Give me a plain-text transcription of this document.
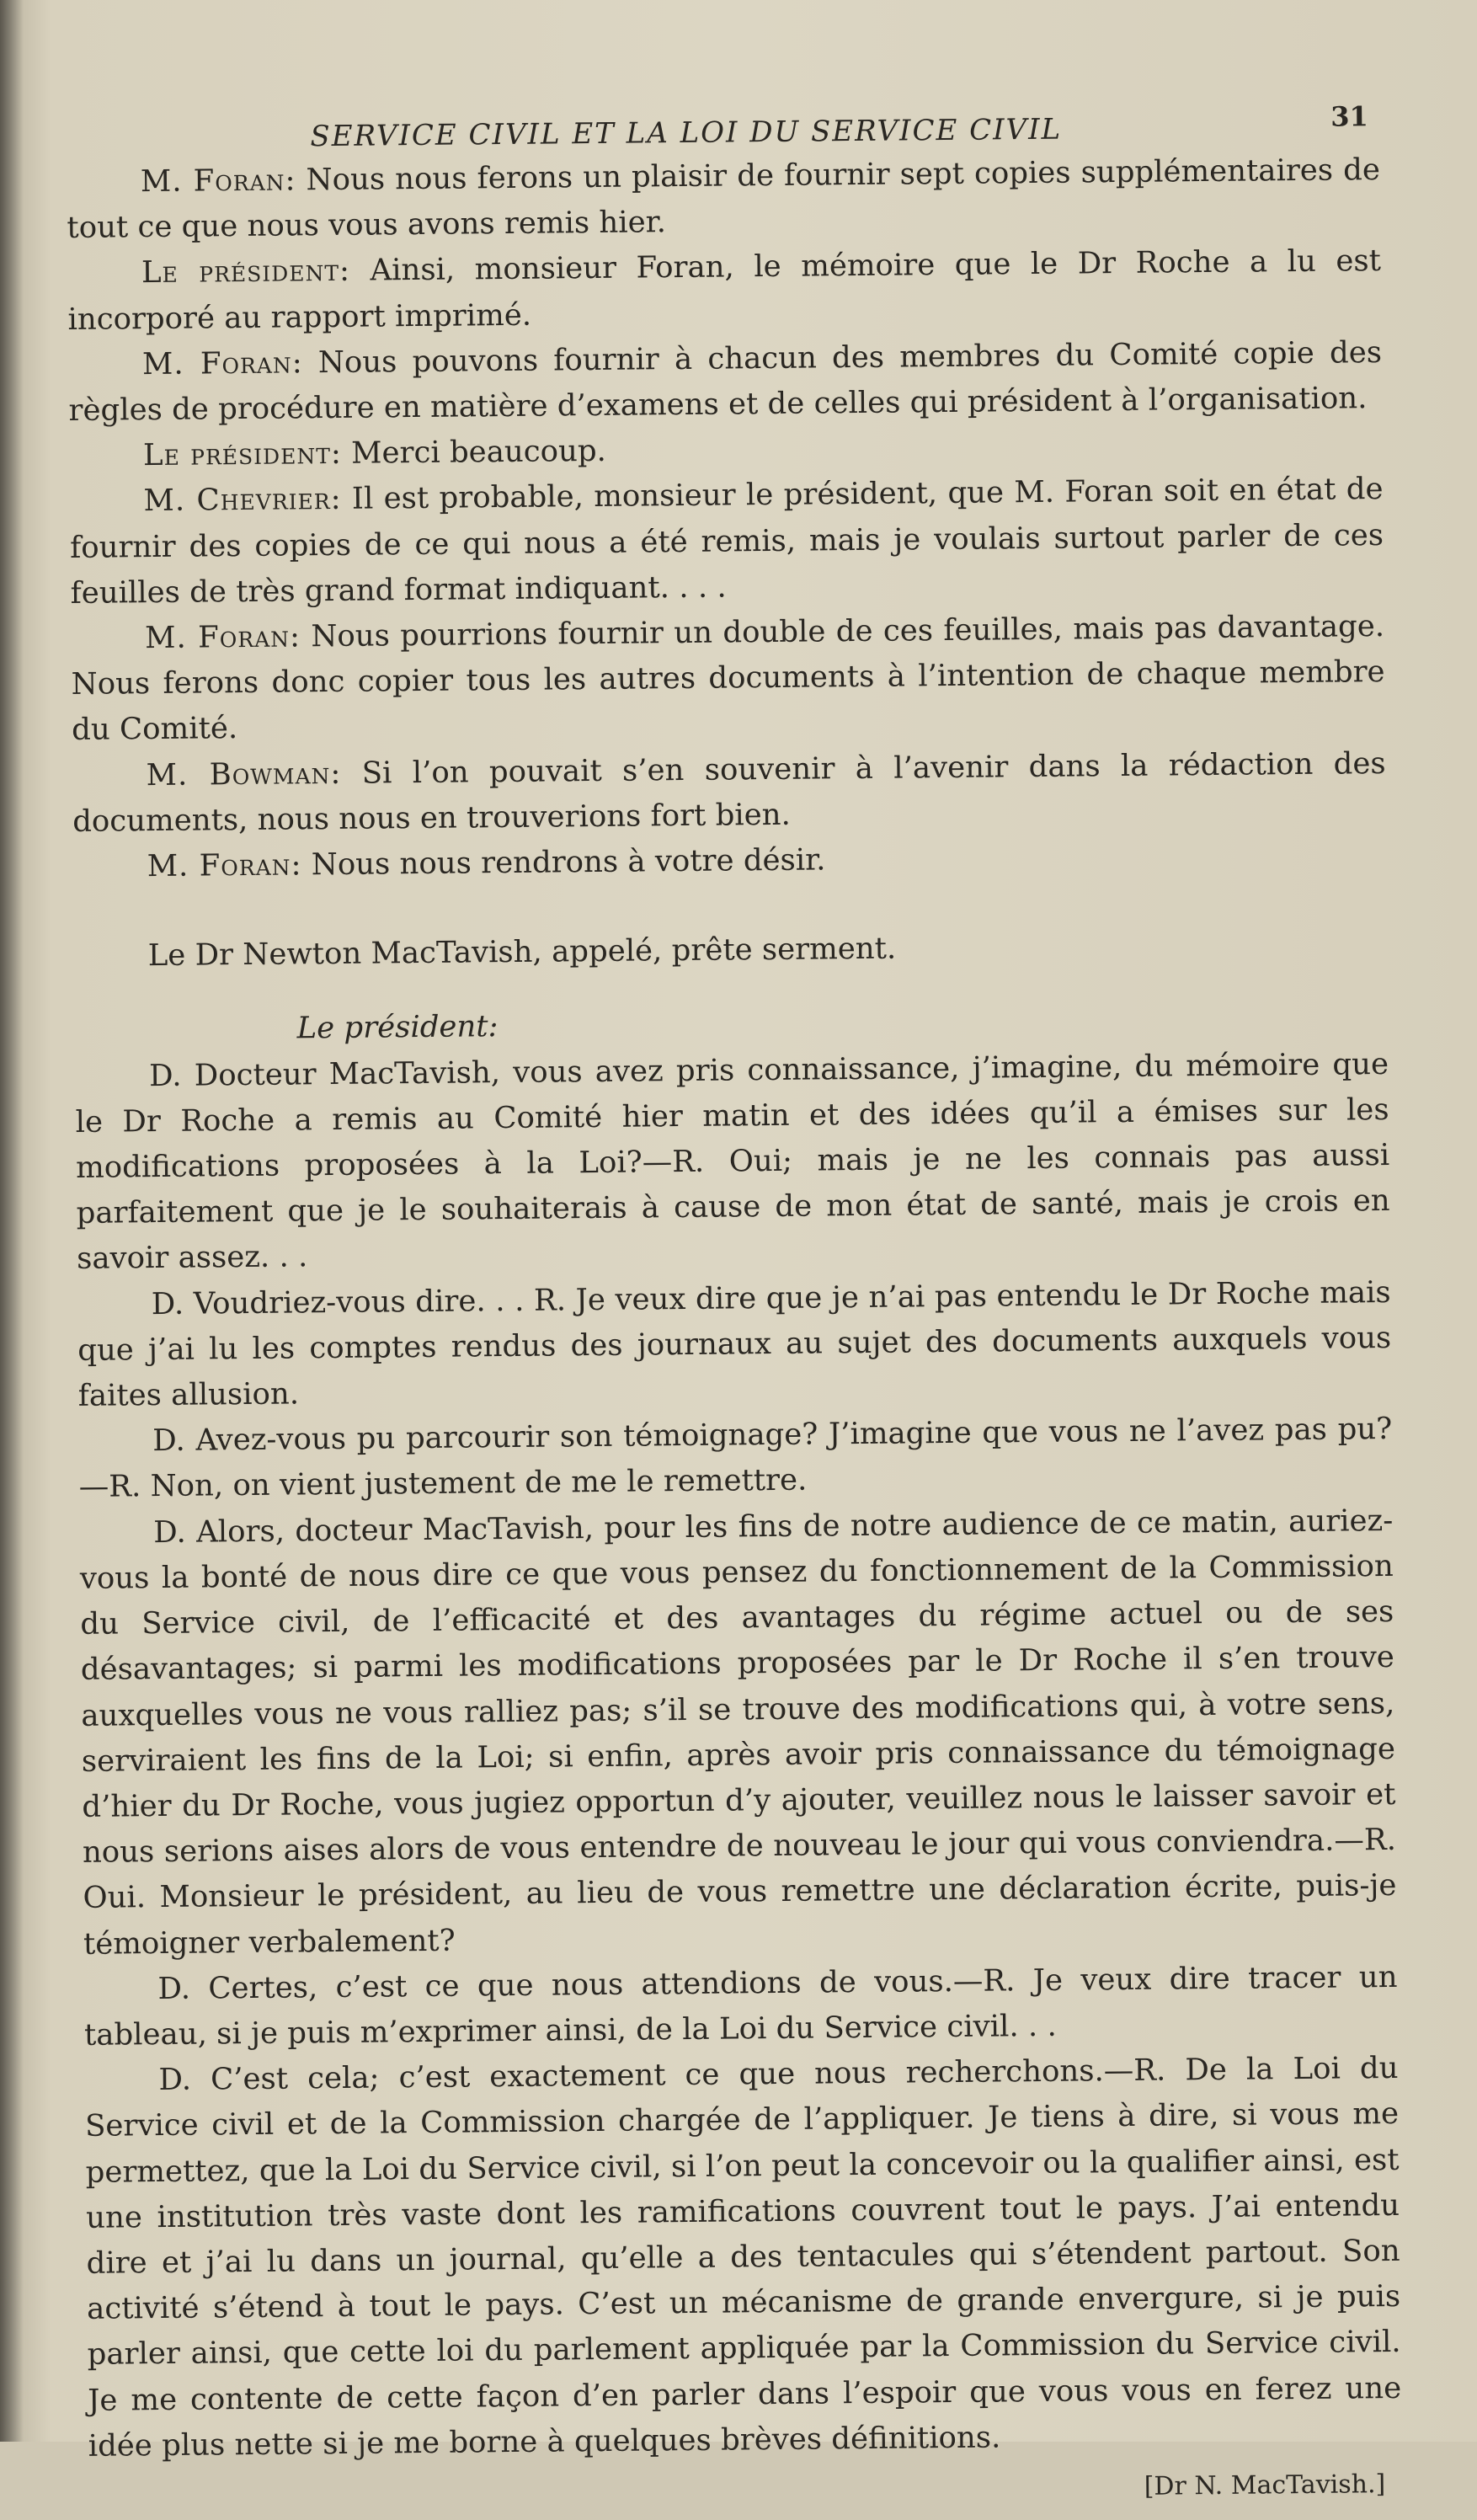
SERVICE CIVIL ET LA LOI DU SERVICE CIVIL	31

M. Foran: Nous nous ferons un plaisir de fournir sept copies supplémentaires de tout ce que nous vous avons remis hier.

Le président: Ainsi, monsieur Foran, le mémoire que le Dr Roche a lu est incorporé au rapport imprimé.

M. Foran: Nous pouvons fournir à chacun des membres du Comité copie des règles de procédure en matière d’examens et de celles qui président à l’organisation.

Le président: Merci beaucoup.

M. Chevrier: Il est probable, monsieur le président, que M. Foran soit en état de fournir des copies de ce qui nous a été remis, mais je voulais surtout parler de ces feuilles de très grand format indiquant. . . .

M. Foran: Nous pourrions fournir un double de ces feuilles, mais pas davantage. Nous ferons donc copier tous les autres documents à l’intention de chaque membre du Comité.

M. Bowman: Si l’on pouvait s’en souvenir à l’avenir dans la rédaction des documents, nous nous en trouverions fort bien.

M. Foran: Nous nous rendrons à votre désir.

Le Dr Newton MacTavish, appelé, prête serment.

Le président:

D. Docteur MacTavish, vous avez pris connaissance, j’imagine, du mémoire que le Dr Roche a remis au Comité hier matin et des idées qu’il a émises sur les modifications proposées à la Loi?—R. Oui; mais je ne les connais pas aussi parfaitement que je le souhaiterais à cause de mon état de santé, mais je crois en savoir assez. . .

D. Voudriez-vous dire. . . R. Je veux dire que je n’ai pas entendu le Dr Roche mais que j’ai lu les comptes rendus des journaux au sujet des documents auxquels vous faites allusion.

D. Avez-vous pu parcourir son témoignage? J’imagine que vous ne l’avez pas pu?—R. Non, on vient justement de me le remettre.

D. Alors, docteur MacTavish, pour les fins de notre audience de ce matin, auriez-vous la bonté de nous dire ce que vous pensez du fonctionnement de la Commission du Service civil, de l’efficacité et des avantages du régime actuel ou de ses désavantages; si parmi les modifications proposées par le Dr Roche il s’en trouve auxquelles vous ne vous ralliez pas; s’il se trouve des modifications qui, à votre sens, serviraient les fins de la Loi; si enfin, après avoir pris connaissance du témoignage d’hier du Dr Roche, vous jugiez opportun d’y ajouter, veuillez nous le laisser savoir et nous serions aises alors de vous entendre de nouveau le jour qui vous conviendra.—R. Oui. Monsieur le président, au lieu de vous remettre une déclaration écrite, puis-je témoigner verbalement?

D. Certes, c’est ce que nous attendions de vous.—R. Je veux dire tracer un tableau, si je puis m’exprimer ainsi, de la Loi du Service civil. . .

D. C’est cela; c’est exactement ce que nous recherchons.—R. De la Loi du Service civil et de la Commission chargée de l’appliquer. Je tiens à dire, si vous me permettez, que la Loi du Service civil, si l’on peut la concevoir ou la qualifier ainsi, est une institution très vaste dont les ramifications couvrent tout le pays. J’ai entendu dire et j’ai lu dans un journal, qu’elle a des tentacules qui s’étendent partout. Son activité s’étend à tout le pays. C’est un mécanisme de grande envergure, si je puis parler ainsi, que cette loi du parlement appliquée par la Commission du Service civil. Je me contente de cette façon d’en parler dans l’espoir que vous vous en ferez une idée plus nette si je me borne à quelques brèves définitions.

[Dr N. MacTavish.]
